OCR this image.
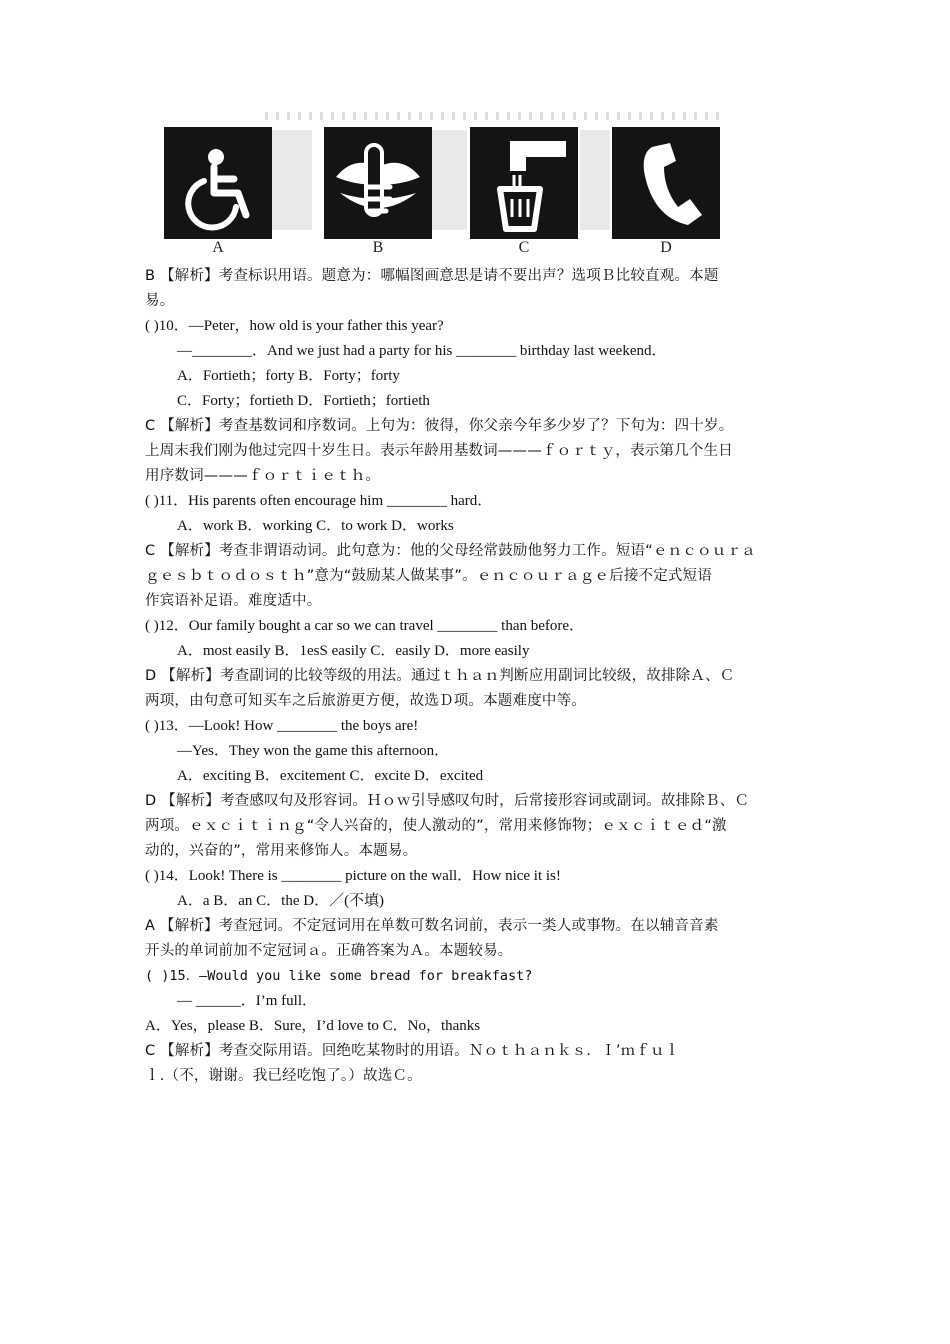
A	B	C	D
B 【解析】考查标识用语。题意为：哪幅图画意思是请不要出声？选项Ｂ比较直观。本题
易。
( )10．—Peter，how old is your father this year?
—________．And we just had a party for his ________ birthday last weekend．
A．Fortieth；forty B．Forty；forty
C．Forty；fortieth D．Fortieth；fortieth
C 【解析】考查基数词和序数词。上句为：彼得，你父亲今年多少岁了？下句为：四十岁。
上周末我们刚为他过完四十岁生日。表示年龄用基数词———ｆｏｒｔｙ，表示第几个生日
用序数词———ｆｏｒｔｉｅｔｈ。
( )11．His parents often encourage him ________ hard．
A．work B．working C．to work D．works
C 【解析】考查非谓语动词。此句意为：他的父母经常鼓励他努力工作。短语“ｅｎｃｏｕｒａ
ｇｅｓｂｔｏｄｏｓｔｈ”意为“鼓励某人做某事”。ｅｎｃｏｕｒａｇｅ后接不定式短语
作宾语补足语。难度适中。
( )12．Our family bought a car so we can travel ________ than before．
A．most easily B．1esS easily C．easily D．more easily
D 【解析】考查副词的比较等级的用法。通过ｔｈａｎ判断应用副词比较级，故排除Ａ、Ｃ
两项，由句意可知买车之后旅游更方便，故选Ｄ项。本题难度中等。
( )13．—Look! How ________ the boys are!
—Yes．They won the game this afternoon．
A．exciting B．excitement C．excite D．excited
D 【解析】考查感叹句及形容词。Ｈｏｗ引导感叹句时，后常接形容词或副词。故排除Ｂ、Ｃ
两项。ｅｘｃｉｔｉｎｇ“令人兴奋的，使人激动的”，常用来修饰物；ｅｘｃｉｔｅｄ“激
动的，兴奋的”，常用来修饰人。本题易。
( )14．Look! There is ________ picture on the wall．How nice it is!
A．a B．an C．the D．／(不填)
A 【解析】考查冠词。不定冠词用在单数可数名词前，表示一类人或事物。在以辅音音素
开头的单词前加不定冠词ａ。正确答案为Ａ。本题较易。
( )15．—Would you like some bread for breakfast?
— ______．I’m full．
A．Yes，please B．Sure，I’d love to C．No，thanks
C 【解析】考查交际用语。回绝吃某物时的用语。Ｎｏｔｈａｎｋｓ．Ｉ’ｍｆｕｌ
ｌ.（不，谢谢。我已经吃饱了。）故选Ｃ。
